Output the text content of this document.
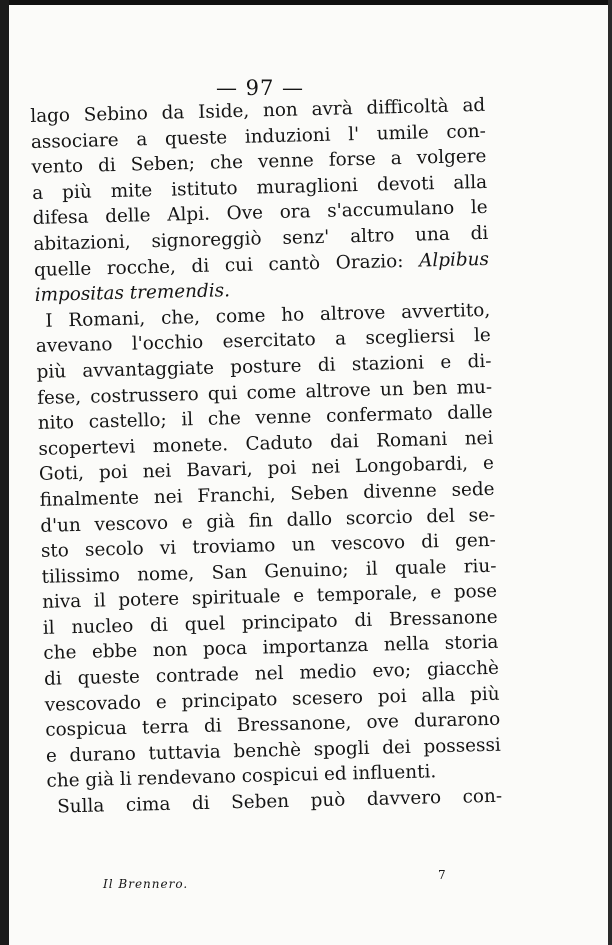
— 97 —
lago Sebino da Iside, non avrà difficoltà ad
associare a queste induzioni l' umile con-
vento di Seben; che venne forse a volgere
a più mite istituto muraglioni devoti alla
difesa delle Alpi. Ove ora s'accumulano le
abitazioni, signoreggiò senz' altro una di
quelle rocche, di cui cantò Orazio: Alpibus
impositas tremendis.
I Romani, che, come ho altrove avvertito,
avevano l'occhio esercitato a scegliersi le
più avvantaggiate posture di stazioni e di-
fese, costrussero qui come altrove un ben mu-
nito castello; il che venne confermato dalle
scopertevi monete. Caduto dai Romani nei
Goti, poi nei Bavari, poi nei Longobardi, e
finalmente nei Franchi, Seben divenne sede
d'un vescovo e già fin dallo scorcio del se-
sto secolo vi troviamo un vescovo di gen-
tilissimo nome, San Genuino; il quale riu-
niva il potere spirituale e temporale, e pose
il nucleo di quel principato di Bressanone
che ebbe non poca importanza nella storia
di queste contrade nel medio evo; giacchè
vescovado e principato scesero poi alla più
cospicua terra di Bressanone, ove durarono
e durano tuttavia benchè spogli dei possessi
che già li rendevano cospicui ed influenti.
Sulla cima di Seben può davvero con-
Il Brennero.
7
